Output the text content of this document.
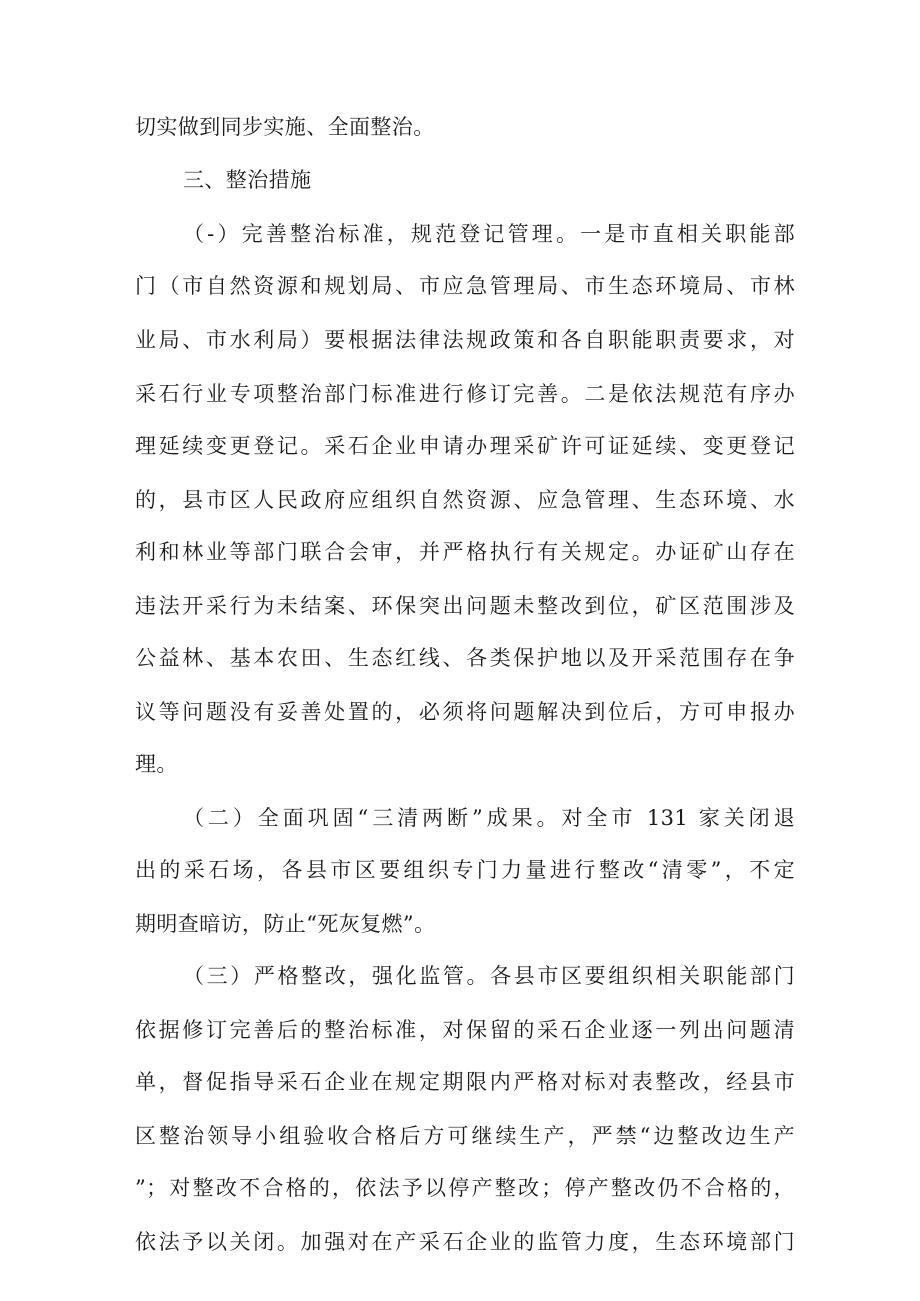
切实做到同步实施、全面整治。
三、整治措施
（-）完善整治标准，规范登记管理。一是市直相关职能部
门（市自然资源和规划局、市应急管理局、市生态环境局、市林
业局、市水利局）要根据法律法规政策和各自职能职责要求，对
采石行业专项整治部门标准进行修订完善。二是依法规范有序办
理延续变更登记。采石企业申请办理采矿许可证延续、变更登记
的，县市区人民政府应组织自然资源、应急管理、生态环境、水
利和林业等部门联合会审，并严格执行有关规定。办证矿山存在
违法开采行为未结案、环保突出问题未整改到位，矿区范围涉及
公益林、基本农田、生态红线、各类保护地以及开采范围存在争
议等问题没有妥善处置的，必须将问题解决到位后，方可申报办
理。
（二）全面巩固“三清两断”成果。对全市 131 家关闭退
出的采石场，各县市区要组织专门力量进行整改“清零”，不定
期明查暗访，防止“死灰复燃”。
（三）严格整改，强化监管。各县市区要组织相关职能部门
依据修订完善后的整治标准，对保留的采石企业逐一列出问题清
单，督促指导采石企业在规定期限内严格对标对表整改，经县市
区整治领导小组验收合格后方可继续生产，严禁“边整改边生产
”；对整改不合格的，依法予以停产整改；停产整改仍不合格的，
依法予以关闭。加强对在产采石企业的监管力度，生态环境部门
